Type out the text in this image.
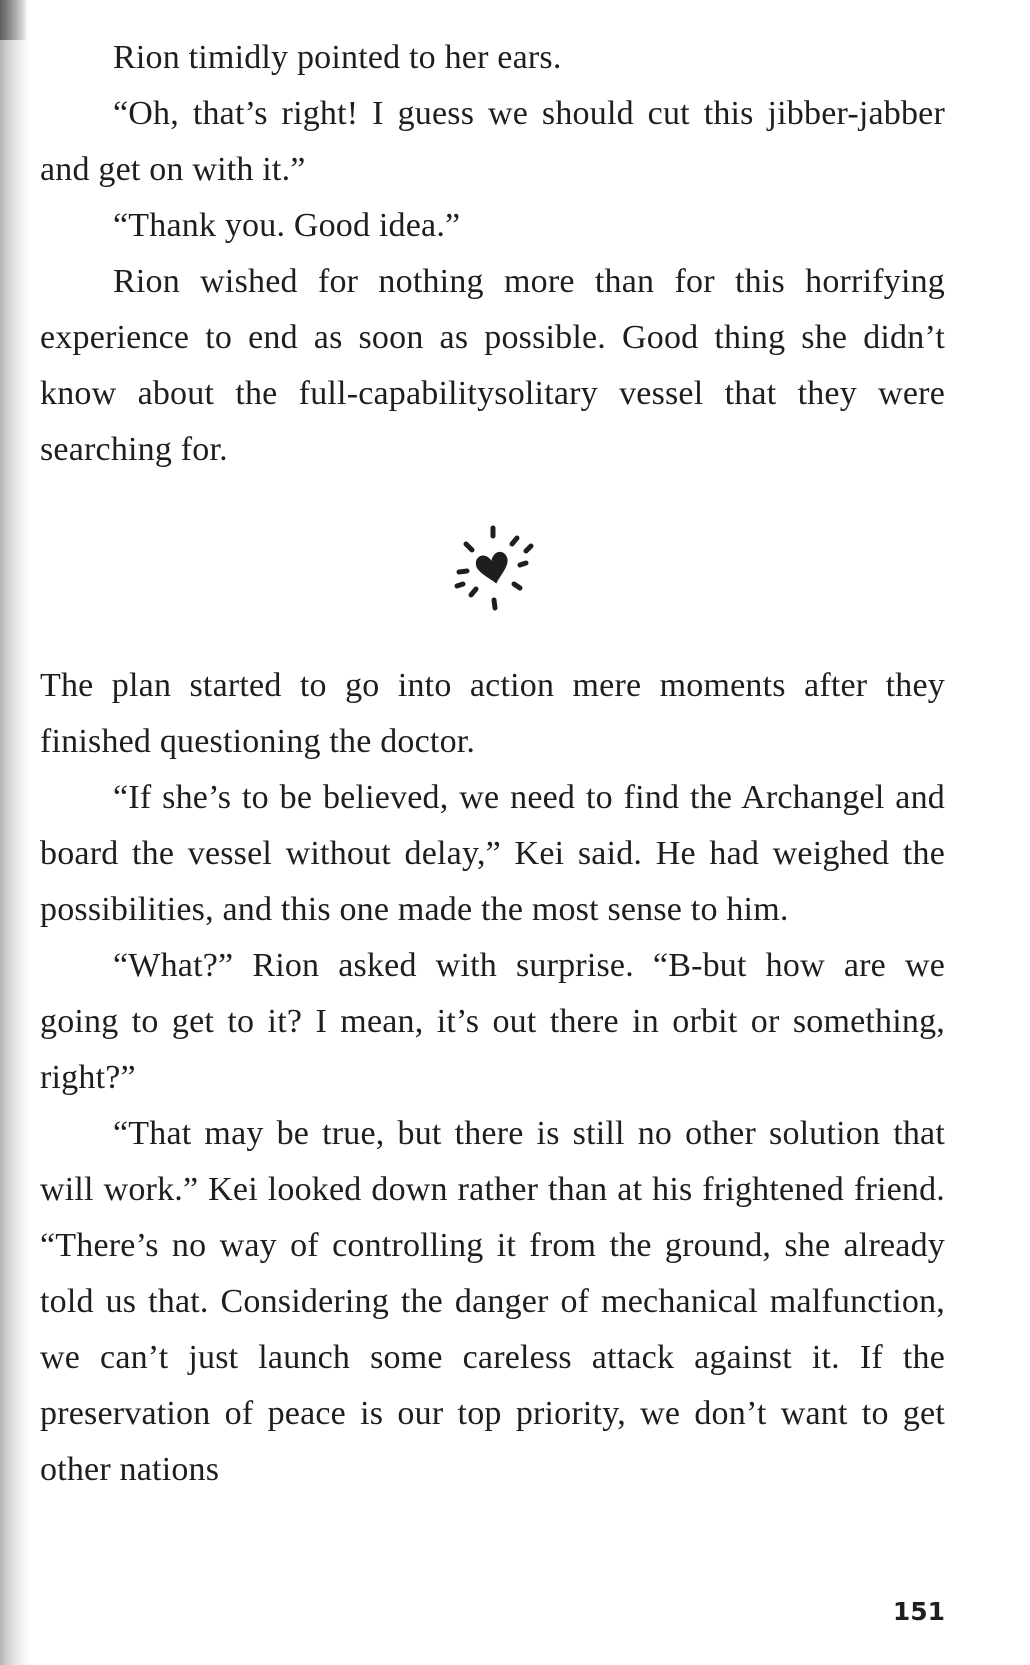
Rion timidly pointed to her ears.

“Oh, that’s right! I guess we should cut this jibber-jabber and get on with it.”

“Thank you. Good idea.”

Rion wished for nothing more than for this horrifying experience to end as soon as possible. Good thing she didn’t know about the full-capabilitysolitary vessel that they were searching for.

The plan started to go into action mere moments after they finished questioning the doctor.

“If she’s to be believed, we need to find the Archangel and board the vessel without delay,” Kei said. He had weighed the possibilities, and this one made the most sense to him.

“What?” Rion asked with surprise. “B-but how are we going to get to it? I mean, it’s out there in orbit or something, right?”

“That may be true, but there is still no other solution that will work.” Kei looked down rather than at his frightened friend. “There’s no way of controlling it from the ground, she already told us that. Considering the danger of mechanical malfunction, we can’t just launch some careless attack against it. If the preservation of peace is our top priority, we don’t want to get other nations

151
